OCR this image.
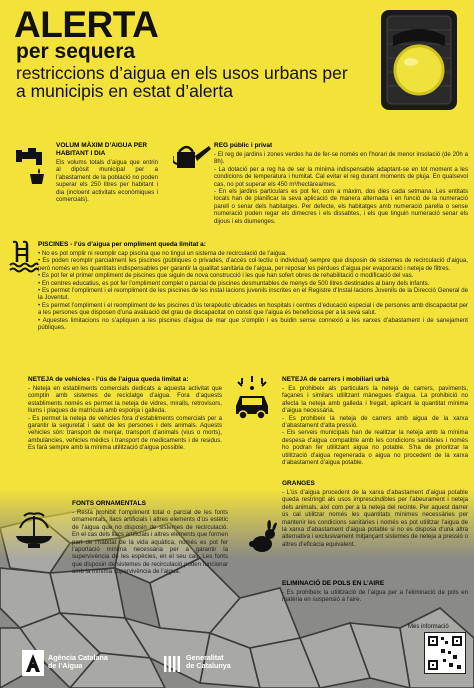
ALERTA
per sequera
restriccions d’aigua en els usos urbans per a municipis en estat d’alerta
VOLUM MÀXIM D’AIGUA PER HABITANT I DIA

Els volums totals d’aigua que entrin al dipòsit municipal per a l’abastament de la població no poden superar els 250 litres per habitant i dia (incloent activitats econòmiques i comercials).

REG públic i privat

- El reg de jardins i zones verdes ha de fer-se només en l’horari de menor insolació (de 20h a 8h).

- La dotació per a reg ha de ser la mínima indispensable adaptant-se en tot moment a les condicions de temperatura i humitat. Cal evitar el reg durant moments de pluja. En qualsevol cas, no pot superar els 450 m³/hectàrea/mes.

- En els jardins particulars es pot fer, com a màxim, dos dies cada setmana. Les entitats locals han de planificar la seva aplicació de manera alternada i en funció de la numeració parell o senar dels habitatges. Per defecte, els habitatges amb numeració parella o sense numeració poden regar els dimecres i els dissabtes, i els que tinguin numeració senar els dijous i els diumenges.

PISCINES - l’ús d’aigua per ompliment queda limitat a:

• No es pot omplir ni reomplir cap piscina que no tingui un sistema de recirculació de l’aigua.

• Es poden reomplir parcialment les piscines (públiques o privades, d’accés col·lectiu o individual) sempre que disposin de sistemes de recirculació d’aigua, però només en les quantitats indispensables per garantir la qualitat sanitària de l’aigua, per reposar les pèrdues d’aigua per evaporació i neteja de filtres.

• Es pot fer el primer ompliment de piscines que siguin de nova construcció i les que han sofert obres de rehabilitació o modificació del vas.

• En centres educatius, es pot fer l’ompliment complet o parcial de piscines desmuntables de menys de 500 litres destinades al bany dels infants.

• Es permet l’ompliment i el reompliment de les piscines de les instal·lacions juvenils inscrites en el Registre d’Instal·lacions Juvenils de la Direcció General de la Joventut.

• Es permet l’ompliment i el reompliment de les piscines d’ús terapèutic ubicades en hospitals i centres d’educació especial i de persones amb discapacitat per a les persones que disposen d’una avaluació del grau de discapacitat on consti que l’aigua és beneficiosa per a la seva salut.

• Aquestes limitacions no s’apliquen a les piscines d’aigua de mar que s’omplin i es buidin sense connexió a les xarxes d’abastament i de sanejament públiques.

NETEJA de vehicles - l’ús de l’aigua queda limitat a:

- Neteja en establiments comercials dedicats a aquesta activitat que comptin amb sistemes de reciclatge d’aigua. Fora d’aquests establiments només es permet la neteja de vidres, miralls, retrovisors, llums i plaques de matrícula amb esponja i galleda.

- Es permet la neteja de vehicles fora d’establiments comercials per a garantir la seguretat i salut de les persones i dels animals. Aquests vehicles són: transport de menjar, transport d’animals (vius o morts), ambulàncies, vehicles mèdics i transport de medicaments i de residus. Es farà sempre amb la mínima utilització d’aigua possible.

NETEJA de carrers i mobiliari urbà

- Es prohibeix als particulars la neteja de carrers, paviments, façanes i similars utilitzant mànegues d’aigua. La prohibició no afecta la neteja amb galleda i fregall, aplicant la quantitat mínima d’aigua necessària.

- Es prohibeix la neteja de carrers amb aigua de la xarxa d’abastament d’alta pressió.

- Els serveis municipals han de realitzar la neteja amb la mínima despesa d’aigua compatible amb les condicions sanitàries i només ho podran fer utilitzant aigua no potable. S’ha de prioritzar la utilització d’aigua regenerada o aigua no procedent de la xarxa d’abastament d’aigua potable.

FONTS ORNAMENTALS

- Resta prohibit l’ompliment total o parcial de les fonts ornamentals, llacs artificials i altres elements d’ús estètic de l’aigua que no disposin de sistemes de recirculació. En el cas dels llacs artificials i altres elements que formen part de l’hàbitat de la vida aquàtica, només es pot fer l’aportació mínima necessària per a garantir la supervivència de les espècies, en el seu cas. Les fonts que disposin de sistemes de recirculació poden funcionar amb la mínima supervivència de l’aigua.

GRANGES

- L’ús d’aigua procedent de la xarxa d’abastament d’aigua potable queda restringit als usos imprescindibles per l’abeurament i neteja dels animals, així com per a la neteja del recinte. Per aquest darrer ús cal utilitzar només les quantitats mínimes necessàries per mantenir les condicions sanitàries i només es pot utilitzar l’aigua de la xarxa d’abastament d’aigua potable si no es disposa d’una altra alternativa i exclusivament mitjançant sistemes de neteja a pressió o altres d’eficàcia equivalent.

ELIMINACIÓ DE POLS EN L’AIRE

- Es prohibeix la utilització de l’aigua per a l’eliminació de pols en matèria en suspensió a l’aire.

Més informació
Agència Catalana
de l’Aigua
Generalitat
de Catalunya
